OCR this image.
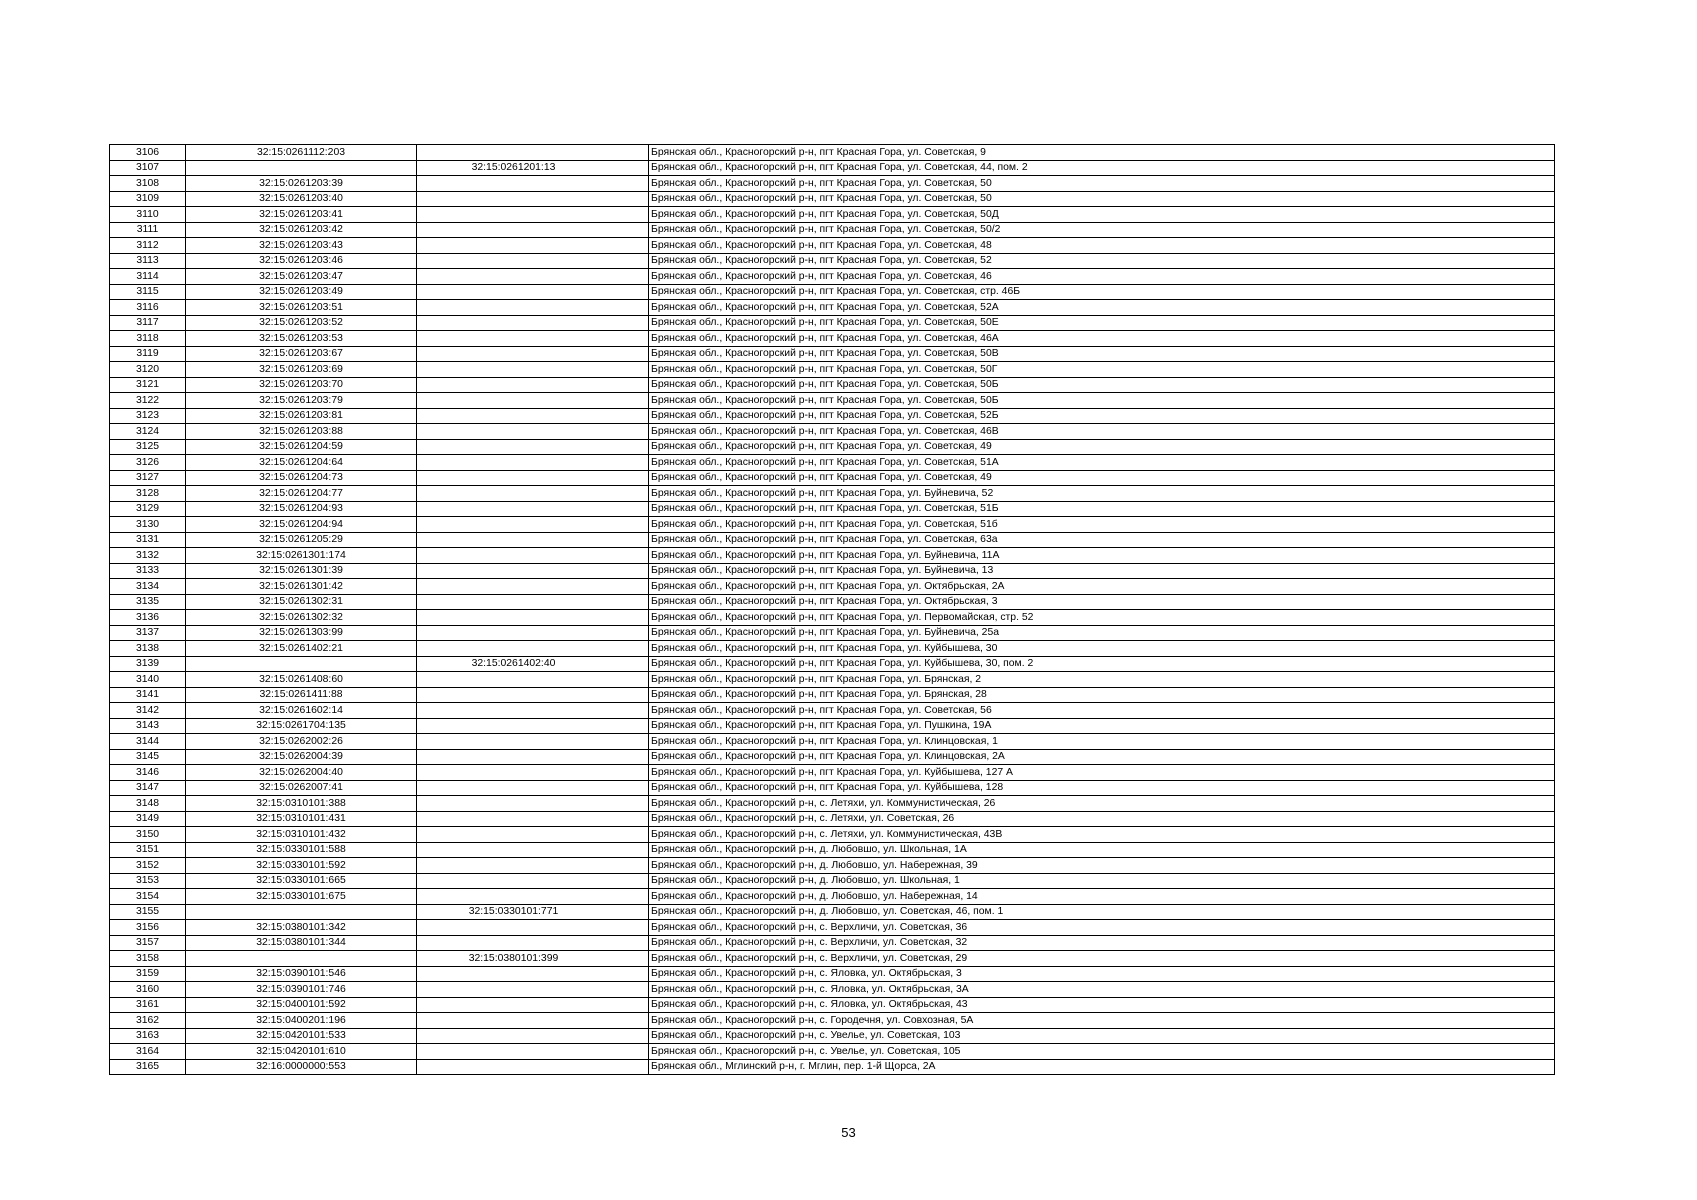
3106	32:15:0261112:203		Брянская обл., Красногорский р-н, пгт Красная Гора, ул. Советская, 9
3107		32:15:0261201:13	Брянская обл., Красногорский р-н, пгт Красная Гора, ул. Советская, 44, пом. 2
3108	32:15:0261203:39		Брянская обл., Красногорский р-н, пгт Красная Гора, ул. Советская, 50
3109	32:15:0261203:40		Брянская обл., Красногорский р-н, пгт Красная Гора, ул. Советская, 50
3110	32:15:0261203:41		Брянская обл., Красногорский р-н, пгт Красная Гора, ул. Советская, 50Д
3111	32:15:0261203:42		Брянская обл., Красногорский р-н, пгт Красная Гора, ул. Советская, 50/2
3112	32:15:0261203:43		Брянская обл., Красногорский р-н, пгт Красная Гора, ул. Советская, 48
3113	32:15:0261203:46		Брянская обл., Красногорский р-н, пгт Красная Гора, ул. Советская, 52
3114	32:15:0261203:47		Брянская обл., Красногорский р-н, пгт Красная Гора, ул. Советская, 46
3115	32:15:0261203:49		Брянская обл., Красногорский р-н, пгт Красная Гора, ул. Советская, стр. 46Б
3116	32:15:0261203:51		Брянская обл., Красногорский р-н, пгт Красная Гора, ул. Советская, 52А
3117	32:15:0261203:52		Брянская обл., Красногорский р-н, пгт Красная Гора, ул. Советская, 50Е
3118	32:15:0261203:53		Брянская обл., Красногорский р-н, пгт Красная Гора, ул. Советская, 46А
3119	32:15:0261203:67		Брянская обл., Красногорский р-н, пгт Красная Гора, ул. Советская, 50В
3120	32:15:0261203:69		Брянская обл., Красногорский р-н, пгт Красная Гора, ул. Советская, 50Г
3121	32:15:0261203:70		Брянская обл., Красногорский р-н, пгт Красная Гора, ул. Советская, 50Б
3122	32:15:0261203:79		Брянская обл., Красногорский р-н, пгт Красная Гора, ул. Советская, 50Б
3123	32:15:0261203:81		Брянская обл., Красногорский р-н, пгт Красная Гора, ул. Советская, 52Б
3124	32:15:0261203:88		Брянская обл., Красногорский р-н, пгт Красная Гора, ул. Советская, 46В
3125	32:15:0261204:59		Брянская обл., Красногорский р-н, пгт Красная Гора, ул. Советская, 49
3126	32:15:0261204:64		Брянская обл., Красногорский р-н, пгт Красная Гора, ул. Советская, 51А
3127	32:15:0261204:73		Брянская обл., Красногорский р-н, пгт Красная Гора, ул. Советская, 49
3128	32:15:0261204:77		Брянская обл., Красногорский р-н, пгт Красная Гора, ул. Буйневича, 52
3129	32:15:0261204:93		Брянская обл., Красногорский р-н, пгт Красная Гора, ул. Советская, 51Б
3130	32:15:0261204:94		Брянская обл., Красногорский р-н, пгт Красная Гора, ул. Советская, 51б
3131	32:15:0261205:29		Брянская обл., Красногорский р-н, пгт Красная Гора, ул. Советская, 63а
3132	32:15:0261301:174		Брянская обл., Красногорский р-н, пгт Красная Гора, ул. Буйневича, 11А
3133	32:15:0261301:39		Брянская обл., Красногорский р-н, пгт Красная Гора, ул. Буйневича, 13
3134	32:15:0261301:42		Брянская обл., Красногорский р-н, пгт Красная Гора, ул. Октябрьская, 2А
3135	32:15:0261302:31		Брянская обл., Красногорский р-н, пгт Красная Гора, ул. Октябрьская, 3
3136	32:15:0261302:32		Брянская обл., Красногорский р-н, пгт Красная Гора, ул. Первомайская, стр. 52
3137	32:15:0261303:99		Брянская обл., Красногорский р-н, пгт Красная Гора, ул. Буйневича, 25а
3138	32:15:0261402:21		Брянская обл., Красногорский р-н, пгт Красная Гора, ул. Куйбышева, 30
3139		32:15:0261402:40	Брянская обл., Красногорский р-н, пгт Красная Гора, ул. Куйбышева, 30, пом. 2
3140	32:15:0261408:60		Брянская обл., Красногорский р-н, пгт Красная Гора, ул. Брянская, 2
3141	32:15:0261411:88		Брянская обл., Красногорский р-н, пгт Красная Гора, ул. Брянская, 28
3142	32:15:0261602:14		Брянская обл., Красногорский р-н, пгт Красная Гора, ул. Советская, 56
3143	32:15:0261704:135		Брянская обл., Красногорский р-н, пгт Красная Гора, ул. Пушкина, 19А
3144	32:15:0262002:26		Брянская обл., Красногорский р-н, пгт Красная Гора, ул. Клинцовская, 1
3145	32:15:0262004:39		Брянская обл., Красногорский р-н, пгт Красная Гора, ул. Клинцовская, 2А
3146	32:15:0262004:40		Брянская обл., Красногорский р-н, пгт Красная Гора, ул. Куйбышева, 127 А
3147	32:15:0262007:41		Брянская обл., Красногорский р-н, пгт Красная Гора, ул. Куйбышева, 128
3148	32:15:0310101:388		Брянская обл., Красногорский р-н, с. Летяхи, ул. Коммунистическая, 26
3149	32:15:0310101:431		Брянская обл., Красногорский р-н, с. Летяхи, ул. Советская, 26
3150	32:15:0310101:432		Брянская обл., Красногорский р-н, с. Летяхи, ул. Коммунистическая, 43В
3151	32:15:0330101:588		Брянская обл., Красногорский р-н, д. Любовшо, ул. Школьная, 1А
3152	32:15:0330101:592		Брянская обл., Красногорский р-н, д. Любовшо, ул. Набережная, 39
3153	32:15:0330101:665		Брянская обл., Красногорский р-н, д. Любовшо, ул. Школьная, 1
3154	32:15:0330101:675		Брянская обл., Красногорский р-н, д. Любовшо, ул. Набережная, 14
3155		32:15:0330101:771	Брянская обл., Красногорский р-н, д. Любовшо, ул. Советская, 46, пом. 1
3156	32:15:0380101:342		Брянская обл., Красногорский р-н, с. Верхличи, ул. Советская, 36
3157	32:15:0380101:344		Брянская обл., Красногорский р-н, с. Верхличи, ул. Советская, 32
3158		32:15:0380101:399	Брянская обл., Красногорский р-н, с. Верхличи, ул. Советская, 29
3159	32:15:0390101:546		Брянская обл., Красногорский р-н, с. Яловка, ул. Октябрьская, 3
3160	32:15:0390101:746		Брянская обл., Красногорский р-н, с. Яловка, ул. Октябрьская, 3А
3161	32:15:0400101:592		Брянская обл., Красногорский р-н, с. Яловка, ул. Октябрьская, 43
3162	32:15:0400201:196		Брянская обл., Красногорский р-н, с. Городечня, ул. Совхозная, 5А
3163	32:15:0420101:533		Брянская обл., Красногорский р-н, с. Увелье, ул. Советская, 103
3164	32:15:0420101:610		Брянская обл., Красногорский р-н, с. Увелье, ул. Советская, 105
3165	32:16:0000000:553		Брянская обл., Мглинский р-н, г. Мглин, пер. 1-й Щорса, 2А
53
